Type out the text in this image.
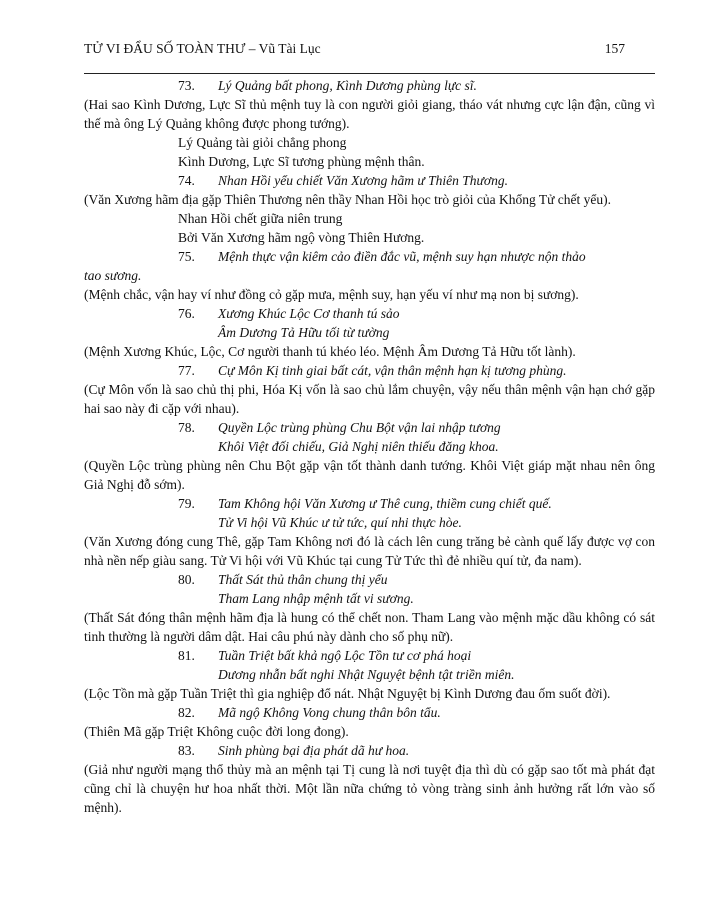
TỬ VI ĐẨU SỐ TOÀN THƯ – Vũ Tài Lục	157
73. Lý Quảng bất phong, Kình Dương phùng lực sĩ.
(Hai sao Kình Dương, Lực Sĩ thủ mệnh tuy là con người giỏi giang, tháo vát nhưng cực lận đận, cũng vì thế mà ông Lý Quảng không được phong tướng).
Lý Quảng tài giỏi chẳng phong
Kình Dương, Lực Sĩ tương phùng mệnh thân.
74. Nhan Hồi yểu chiết Văn Xương hãm ư Thiên Thương.
(Văn Xương hãm địa gặp Thiên Thương nên thầy Nhan Hồi học trò giỏi của Khổng Tử chết yểu).
Nhan Hồi chết giữa niên trung
Bởi Văn Xương hãm ngộ vòng Thiên Hương.
75. Mệnh thực vận kiêm cảo điền đắc vũ, mệnh suy hạn nhược nộn thảo
tao sương.
(Mệnh chắc, vận hay ví như đồng cỏ gặp mưa, mệnh suy, hạn yếu ví như mạ non bị sương).
76. Xương Khúc Lộc Cơ thanh tú sảo
Âm Dương Tả Hữu tối từ tường
(Mệnh Xương Khúc, Lộc, Cơ người thanh tú khéo léo. Mệnh Âm Dương Tả Hữu tốt lành).
77. Cự Môn Kị tinh giai bất cát, vận thân mệnh hạn kị tương phùng.
(Cự Môn vốn là sao chủ thị phi, Hóa Kị vốn là sao chủ lắm chuyện, vậy nếu thân mệnh vận hạn chớ gặp hai sao này đi cặp với nhau).
78. Quyền Lộc trùng phùng Chu Bột vận lai nhập tương
Khôi Việt đối chiếu, Giả Nghị niên thiếu đăng khoa.
(Quyền Lộc trùng phùng nên Chu Bột gặp vận tốt thành danh tướng. Khôi Việt giáp mặt nhau nên ông Giả Nghị đỗ sớm).
79. Tam Không hội Văn Xương ư Thê cung, thiềm cung chiết quế.
Tử Vi hội Vũ Khúc ư tử tức, quí nhi thực hòe.
(Văn Xương đóng cung Thê, gặp Tam Không nơi đó là cách lên cung trăng bẻ cành quế lấy được vợ con nhà nền nếp giàu sang. Tử Vi hội với Vũ Khúc tại cung Tử Tức thì đẻ nhiều quí tử, đa nam).
80. Thất Sát thủ thân chung thị yểu
Tham Lang nhập mệnh tất vi sương.
(Thất Sát đóng thân mệnh hãm địa là hung có thể chết non. Tham Lang vào mệnh mặc dầu không có sát tinh thường là người dâm dật. Hai câu phú này dành cho số phụ nữ).
81. Tuần Triệt bất khả ngộ Lộc Tồn tư cơ phá hoại
Dương nhẫn bất nghi Nhật Nguyệt bệnh tật triền miên.
(Lộc Tồn mà gặp Tuần Triệt thì gia nghiệp đổ nát. Nhật Nguyệt bị Kình Dương đau ốm suốt đời).
82. Mã ngộ Không Vong chung thân bôn tẩu.
(Thiên Mã gặp Triệt Không cuộc đời long đong).
83. Sinh phùng bại địa phát dã hư hoa.
(Giả như người mạng thổ thủy mà an mệnh tại Tị cung là nơi tuyệt địa thì dù có gặp sao tốt mà phát đạt cũng chỉ là chuyện hư hoa nhất thời. Một lần nữa chứng tỏ vòng tràng sinh ảnh hưởng rất lớn vào số mệnh).
